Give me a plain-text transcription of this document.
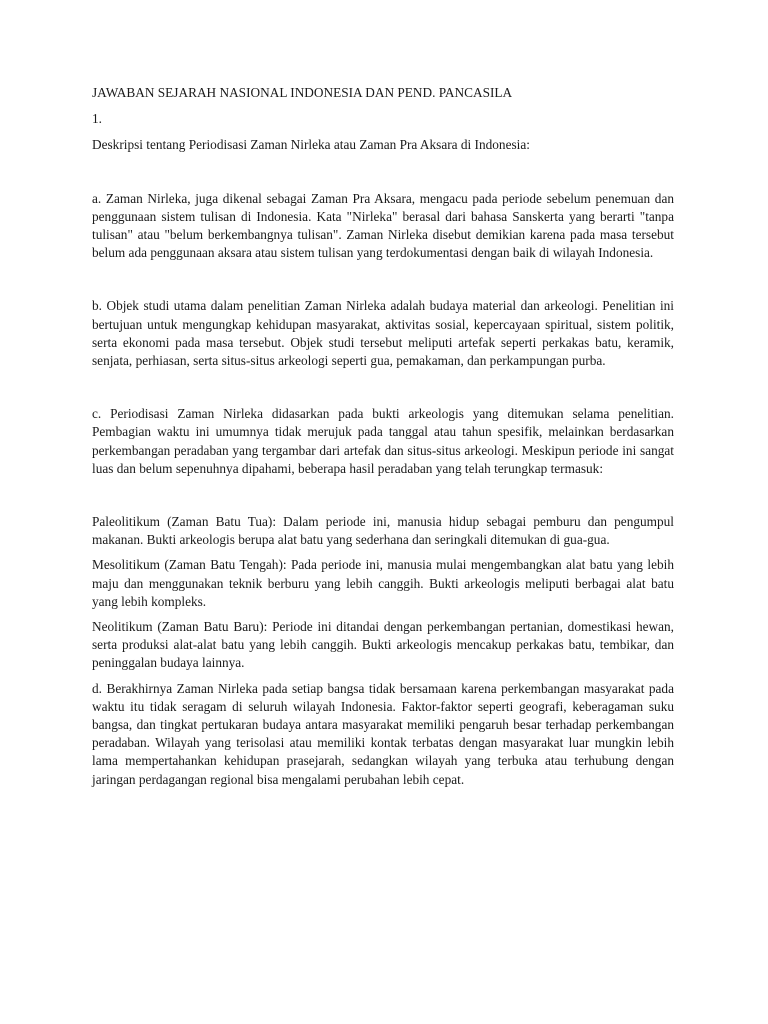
JAWABAN SEJARAH NASIONAL INDONESIA DAN PEND. PANCASILA

1.

Deskripsi tentang Periodisasi Zaman Nirleka atau Zaman Pra Aksara di Indonesia:

a. Zaman Nirleka, juga dikenal sebagai Zaman Pra Aksara, mengacu pada periode sebelum penemuan dan penggunaan sistem tulisan di Indonesia. Kata "Nirleka" berasal dari bahasa Sanskerta yang berarti "tanpa tulisan" atau "belum berkembangnya tulisan". Zaman Nirleka disebut demikian karena pada masa tersebut belum ada penggunaan aksara atau sistem tulisan yang terdokumentasi dengan baik di wilayah Indonesia.

b. Objek studi utama dalam penelitian Zaman Nirleka adalah budaya material dan arkeologi. Penelitian ini bertujuan untuk mengungkap kehidupan masyarakat, aktivitas sosial, kepercayaan spiritual, sistem politik, serta ekonomi pada masa tersebut. Objek studi tersebut meliputi artefak seperti perkakas batu, keramik, senjata, perhiasan, serta situs-situs arkeologi seperti gua, pemakaman, dan perkampungan purba.

c. Periodisasi Zaman Nirleka didasarkan pada bukti arkeologis yang ditemukan selama penelitian. Pembagian waktu ini umumnya tidak merujuk pada tanggal atau tahun spesifik, melainkan berdasarkan perkembangan peradaban yang tergambar dari artefak dan situs-situs arkeologi. Meskipun periode ini sangat luas dan belum sepenuhnya dipahami, beberapa hasil peradaban yang telah terungkap termasuk:

Paleolitikum (Zaman Batu Tua): Dalam periode ini, manusia hidup sebagai pemburu dan pengumpul makanan. Bukti arkeologis berupa alat batu yang sederhana dan seringkali ditemukan di gua-gua.

Mesolitikum (Zaman Batu Tengah): Pada periode ini, manusia mulai mengembangkan alat batu yang lebih maju dan menggunakan teknik berburu yang lebih canggih. Bukti arkeologis meliputi berbagai alat batu yang lebih kompleks.

Neolitikum (Zaman Batu Baru): Periode ini ditandai dengan perkembangan pertanian, domestikasi hewan, serta produksi alat-alat batu yang lebih canggih. Bukti arkeologis mencakup perkakas batu, tembikar, dan peninggalan budaya lainnya.

d. Berakhirnya Zaman Nirleka pada setiap bangsa tidak bersamaan karena perkembangan masyarakat pada waktu itu tidak seragam di seluruh wilayah Indonesia. Faktor-faktor seperti geografi, keberagaman suku bangsa, dan tingkat pertukaran budaya antara masyarakat memiliki pengaruh besar terhadap perkembangan peradaban. Wilayah yang terisolasi atau memiliki kontak terbatas dengan masyarakat luar mungkin lebih lama mempertahankan kehidupan prasejarah, sedangkan wilayah yang terbuka atau terhubung dengan jaringan perdagangan regional bisa mengalami perubahan lebih cepat.
